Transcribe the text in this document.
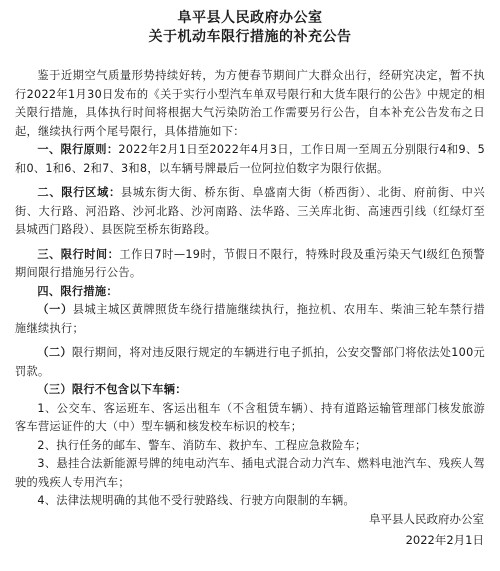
阜平县人民政府办公室

关于机动车限行措施的补充公告

鉴于近期空气质量形势持续好转，为方便春节期间广大群众出行，经研究决定，暂不执行2022年1月30日发布的《关于实行小型汽车单双号限行和大货车限行的公告》中规定的相关限行措施，具体执行时间将根据大气污染防治工作需要另行公告，自本补充公告发布之日起，继续执行两个尾号限行，具体措施如下：

一、限行原则：2022年2月1日至2022年4月3日，工作日周一至周五分别限行4和9、5和0、1和6、2和7、3和8，以车辆号牌最后一位阿拉伯数字为限行依据。

二、限行区域：县城东街大街、桥东街、阜盛南大街（桥西街）、北街、府前街、中兴街、大行路、河沿路、沙河北路、沙河南路、法华路、三关库北街、高速西引线（红绿灯至县城西门路段）、县医院至桥东街路段。

三、限行时间：工作日7时—19时，节假日不限行，特殊时段及重污染天气Ⅰ级红色预警期间限行措施另行公告。

四、限行措施：

（一）县城主城区黄牌照货车绕行措施继续执行，拖拉机、农用车、柴油三轮车禁行措施继续执行；

（二）限行期间，将对违反限行规定的车辆进行电子抓拍，公安交警部门将依法处100元罚款。

（三）限行不包含以下车辆：

1、公交车、客运班车、客运出租车（不含租赁车辆）、持有道路运输管理部门核发旅游客车营运证件的大（中）型车辆和核发校车标识的校车；

2、执行任务的邮车、警车、消防车、救护车、工程应急救险车；

3、悬挂合法新能源号牌的纯电动汽车、插电式混合动力汽车、燃料电池汽车、残疾人驾驶的残疾人专用汽车；

4、法律法规明确的其他不受行驶路线、行驶方向限制的车辆。

阜平县人民政府办公室
2022年2月1日
